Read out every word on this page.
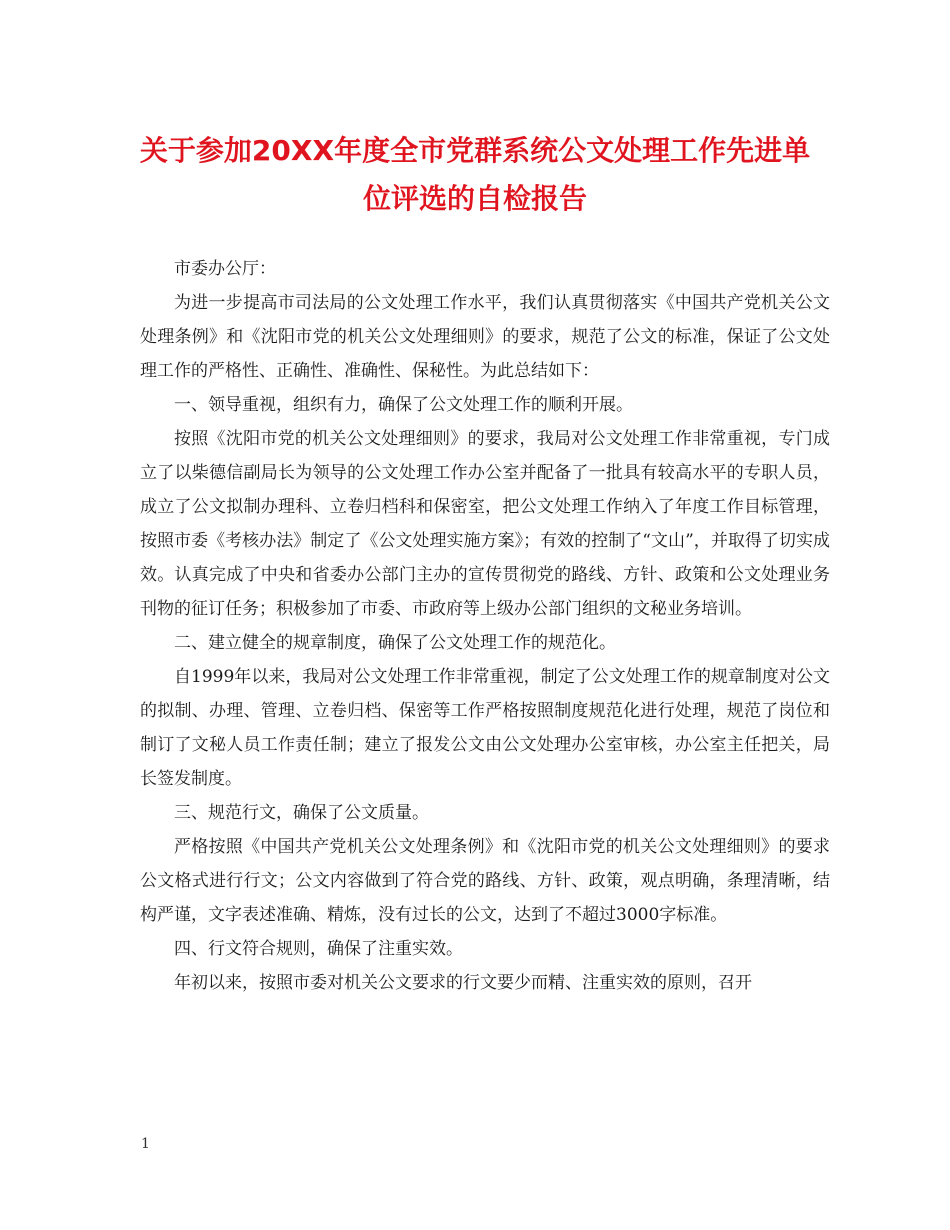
关于参加20XX年度全市党群系统公文处理工作先进单
位评选的自检报告

市委办公厅：

为进一步提高市司法局的公文处理工作水平，我们认真贯彻落实《中国共产党机关公文处理条例》和《沈阳市党的机关公文处理细则》的要求，规范了公文的标准，保证了公文处理工作的严格性、正确性、准确性、保秘性。为此总结如下：

一、领导重视，组织有力，确保了公文处理工作的顺利开展。

按照《沈阳市党的机关公文处理细则》的要求，我局对公文处理工作非常重视，专门成立了以柴德信副局长为领导的公文处理工作办公室并配备了一批具有较高水平的专职人员，成立了公文拟制办理科、立卷归档科和保密室，把公文处理工作纳入了年度工作目标管理，按照市委《考核办法》制定了《公文处理实施方案》；有效的控制了“文山”，并取得了切实成效。认真完成了中央和省委办公部门主办的宣传贯彻党的路线、方针、政策和公文处理业务刊物的征订任务；积极参加了市委、市政府等上级办公部门组织的文秘业务培训。

二、建立健全的规章制度，确保了公文处理工作的规范化。

自1999年以来，我局对公文处理工作非常重视，制定了公文处理工作的规章制度对公文的拟制、办理、管理、立卷归档、保密等工作严格按照制度规范化进行处理，规范了岗位和制订了文秘人员工作责任制；建立了报发公文由公文处理办公室审核，办公室主任把关，局长签发制度。

三、规范行文，确保了公文质量。

严格按照《中国共产党机关公文处理条例》和《沈阳市党的机关公文处理细则》的要求公文格式进行行文；公文内容做到了符合党的路线、方针、政策，观点明确，条理清晰，结构严谨，文字表述准确、精炼，没有过长的公文，达到了不超过3000字标准。

四、行文符合规则，确保了注重实效。

年初以来，按照市委对机关公文要求的行文要少而精、注重实效的原则，召开

1
